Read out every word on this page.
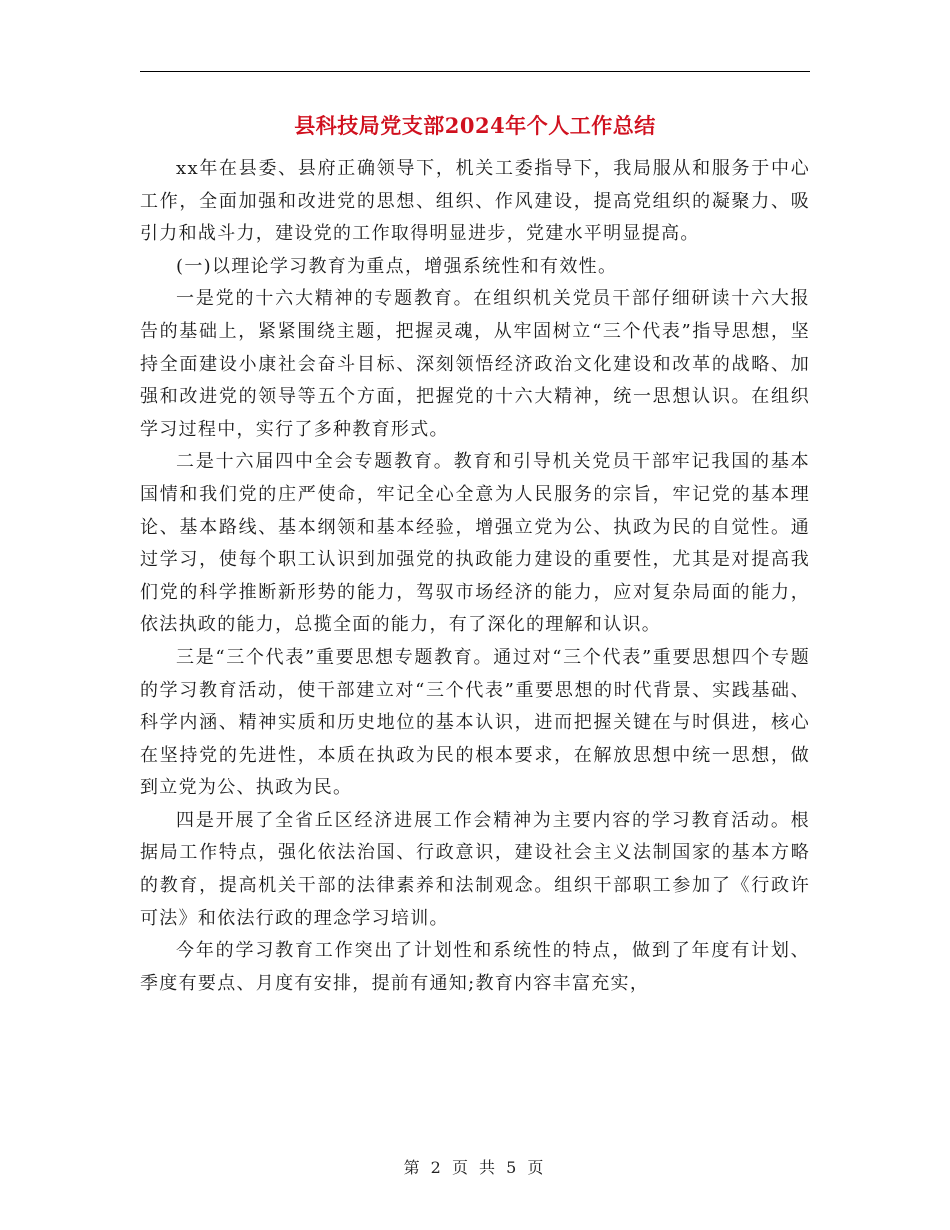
县科技局党支部2024年个人工作总结

xx年在县委、县府正确领导下，机关工委指导下，我局服从和服务于中心工作，全面加强和改进党的思想、组织、作风建设，提高党组织的凝聚力、吸引力和战斗力，建设党的工作取得明显进步，党建水平明显提高。

(一)以理论学习教育为重点，增强系统性和有效性。

一是党的十六大精神的专题教育。在组织机关党员干部仔细研读十六大报告的基础上，紧紧围绕主题，把握灵魂，从牢固树立“三个代表”指导思想，坚持全面建设小康社会奋斗目标、深刻领悟经济政治文化建设和改革的战略、加强和改进党的领导等五个方面，把握党的十六大精神，统一思想认识。在组织学习过程中，实行了多种教育形式。

二是十六届四中全会专题教育。教育和引导机关党员干部牢记我国的基本国情和我们党的庄严使命，牢记全心全意为人民服务的宗旨，牢记党的基本理论、基本路线、基本纲领和基本经验，增强立党为公、执政为民的自觉性。通过学习，使每个职工认识到加强党的执政能力建设的重要性，尤其是对提高我们党的科学推断新形势的能力，驾驭市场经济的能力，应对复杂局面的能力，依法执政的能力，总揽全面的能力，有了深化的理解和认识。

三是“三个代表”重要思想专题教育。通过对“三个代表”重要思想四个专题的学习教育活动，使干部建立对“三个代表”重要思想的时代背景、实践基础、科学内涵、精神实质和历史地位的基本认识，进而把握关键在与时俱进，核心在坚持党的先进性，本质在执政为民的根本要求，在解放思想中统一思想，做到立党为公、执政为民。

四是开展了全省丘区经济进展工作会精神为主要内容的学习教育活动。根据局工作特点，强化依法治国、行政意识，建设社会主义法制国家的基本方略的教育，提高机关干部的法律素养和法制观念。组织干部职工参加了《行政许可法》和依法行政的理念学习培训。

今年的学习教育工作突出了计划性和系统性的特点，做到了年度有计划、季度有要点、月度有安排，提前有通知;教育内容丰富充实，

第 2 页 共 5 页
